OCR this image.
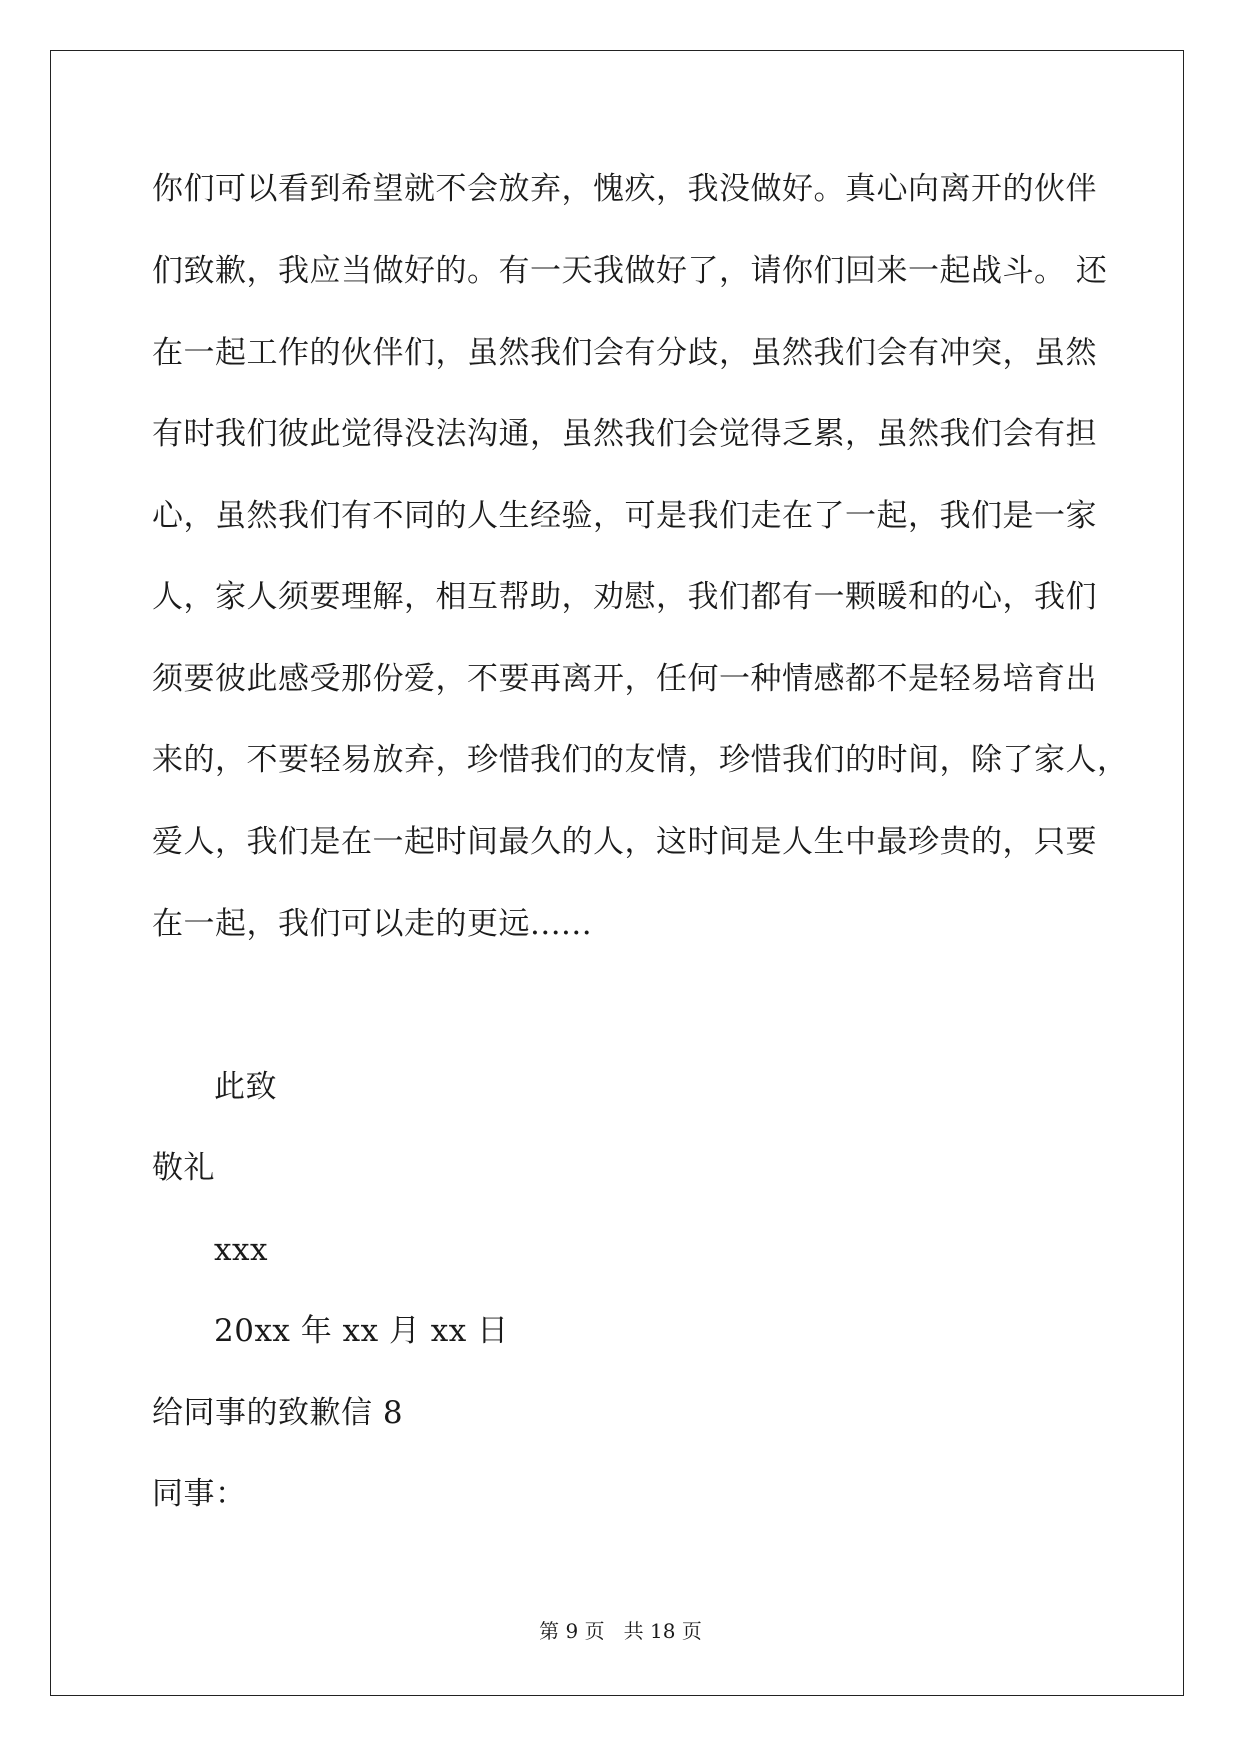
你们可以看到希望就不会放弃，愧疚，我没做好。真心向离开的伙伴
们致歉，我应当做好的。有一天我做好了，请你们回来一起战斗。 还
在一起工作的伙伴们，虽然我们会有分歧，虽然我们会有冲突，虽然
有时我们彼此觉得没法沟通，虽然我们会觉得乏累，虽然我们会有担
心，虽然我们有不同的人生经验，可是我们走在了一起，我们是一家
人，家人须要理解，相互帮助，劝慰，我们都有一颗暖和的心，我们
须要彼此感受那份爱，不要再离开，任何一种情感都不是轻易培育出
来的，不要轻易放弃，珍惜我们的友情，珍惜我们的时间，除了家人，
爱人，我们是在一起时间最久的人，这时间是人生中最珍贵的，只要
在一起，我们可以走的更远......
此致
敬礼
xxx
20xx 年 xx 月 xx 日
给同事的致歉信 8
同事：
第 9 页   共 18 页
